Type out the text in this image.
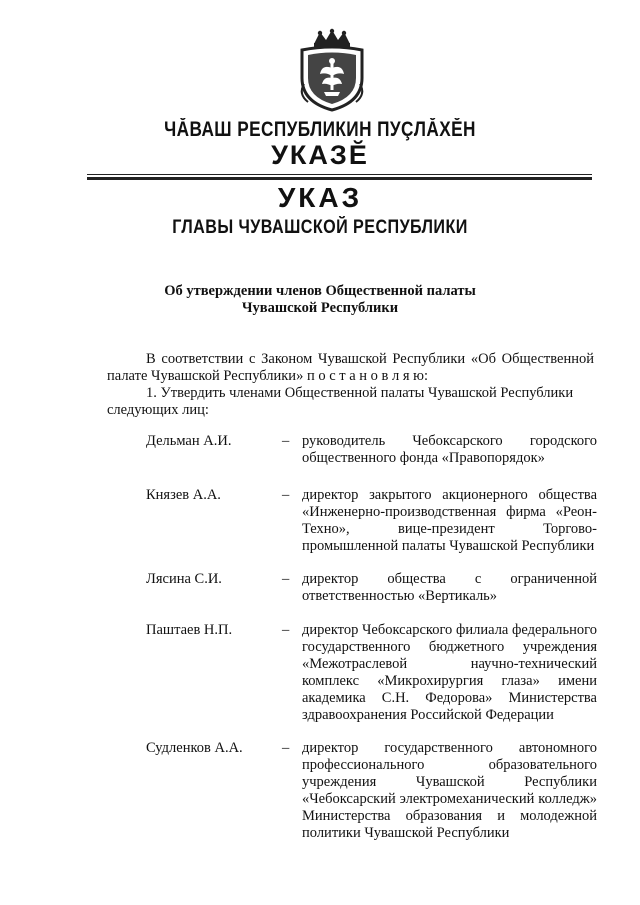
ЧĂВАШ РЕСПУБЛИКИН ПУÇЛĂХĔН
УКАЗĔ
УКАЗ
ГЛАВЫ ЧУВАШСКОЙ РЕСПУБЛИКИ
Об утверждении членов Общественной палаты
Чувашской Республики
В соответствии с Законом Чувашской Республики «Об Общественной палате Чувашской Республики» п о с т а н о в л я ю:
1. Утвердить членами Общественной палаты Чувашской Республики следующих лиц:
Дельман А.И.	– руководитель Чебоксарского городского общественного фонда «Правопорядок»
Князев А.А.	– директор закрытого акционерного общества «Инженерно-производственная фирма «Реон-Техно», вице-президент Торгово-промышленной палаты Чувашской Республики
Лясина С.И.	– директор общества с ограниченной ответственностью «Вертикаль»
Паштаев Н.П.	– директор Чебоксарского филиала федерального государственного бюджетного учреждения «Межотраслевой научно-технический комплекс «Микрохирургия глаза» имени академика С.Н. Федорова» Министерства здравоохранения Российской Федерации
Судленков А.А.	– директор государственного автономного профессионального образовательного учреждения Чувашской Республики «Чебоксарский электромеханический колледж» Министерства образования и молодежной политики Чувашской Республики
